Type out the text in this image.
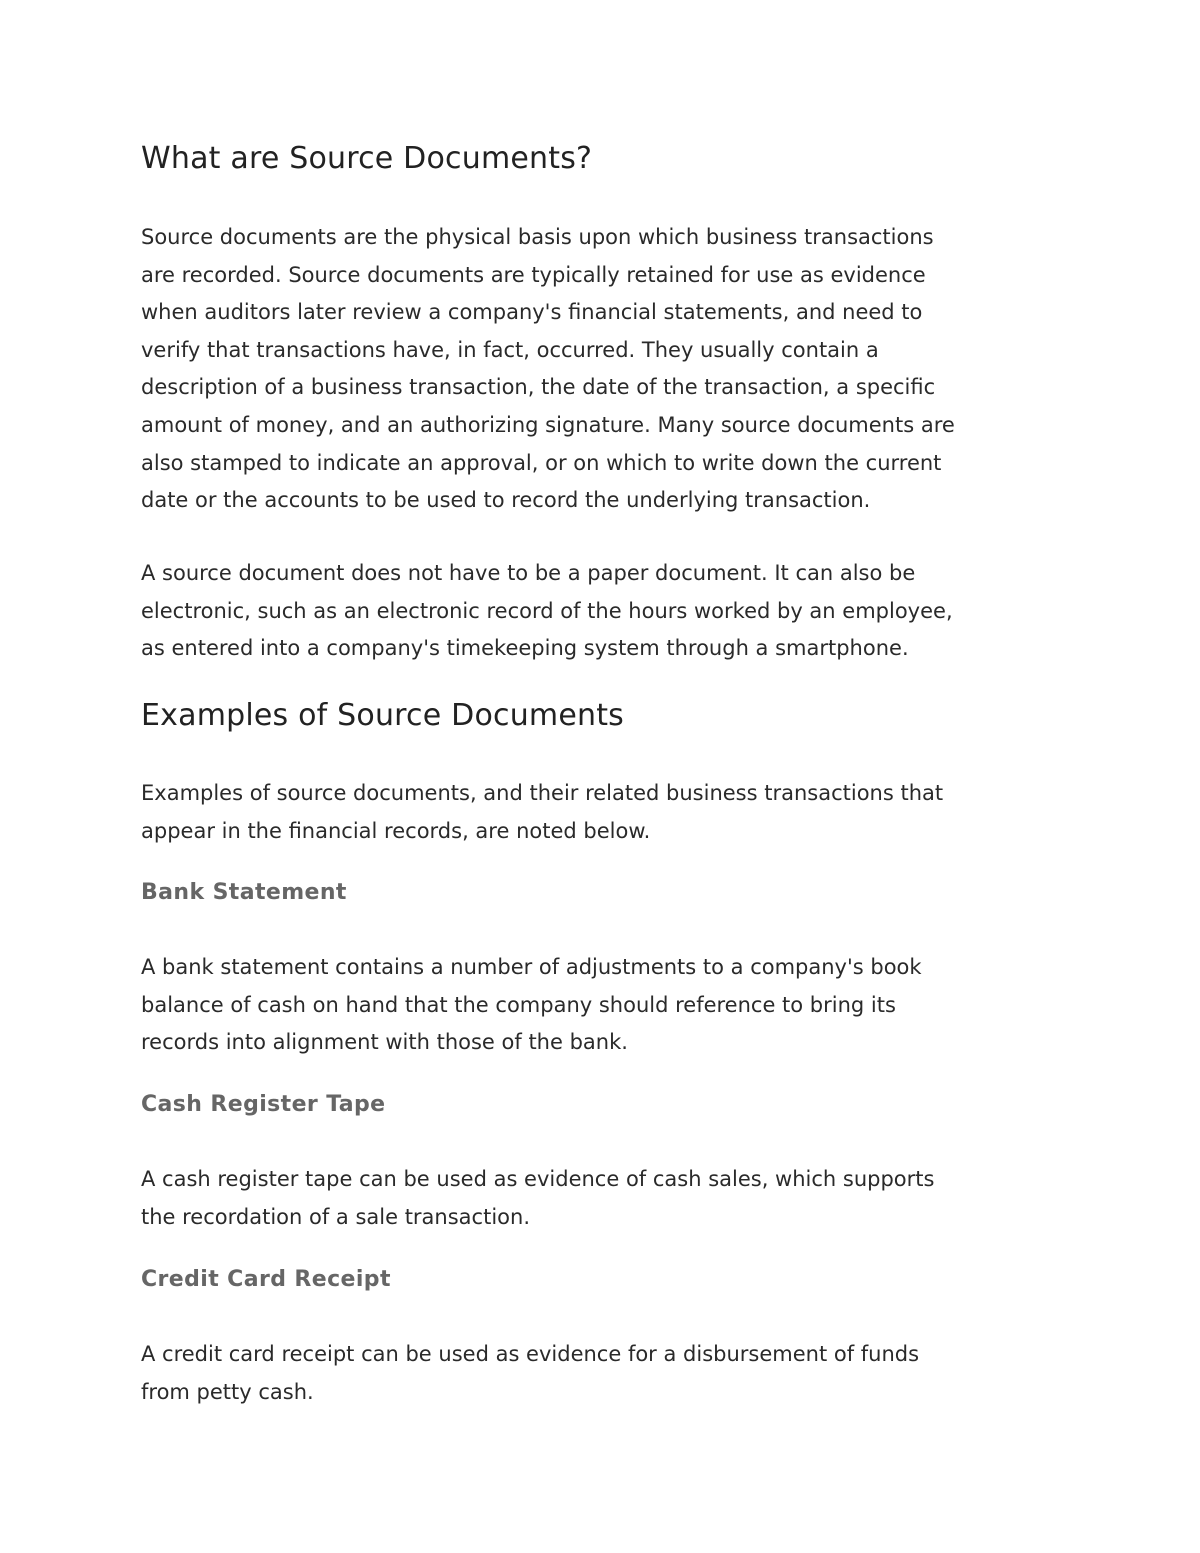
What are Source Documents?

Source documents are the physical basis upon which business transactions
are recorded. Source documents are typically retained for use as evidence
when auditors later review a company's financial statements, and need to
verify that transactions have, in fact, occurred. They usually contain a
description of a business transaction, the date of the transaction, a specific
amount of money, and an authorizing signature. Many source documents are
also stamped to indicate an approval, or on which to write down the current
date or the accounts to be used to record the underlying transaction.

A source document does not have to be a paper document. It can also be
electronic, such as an electronic record of the hours worked by an employee,
as entered into a company's timekeeping system through a smartphone.

Examples of Source Documents

Examples of source documents, and their related business transactions that
appear in the financial records, are noted below.

Bank Statement

A bank statement contains a number of adjustments to a company's book
balance of cash on hand that the company should reference to bring its
records into alignment with those of the bank.

Cash Register Tape

A cash register tape can be used as evidence of cash sales, which supports
the recordation of a sale transaction.

Credit Card Receipt

A credit card receipt can be used as evidence for a disbursement of funds
from petty cash.
